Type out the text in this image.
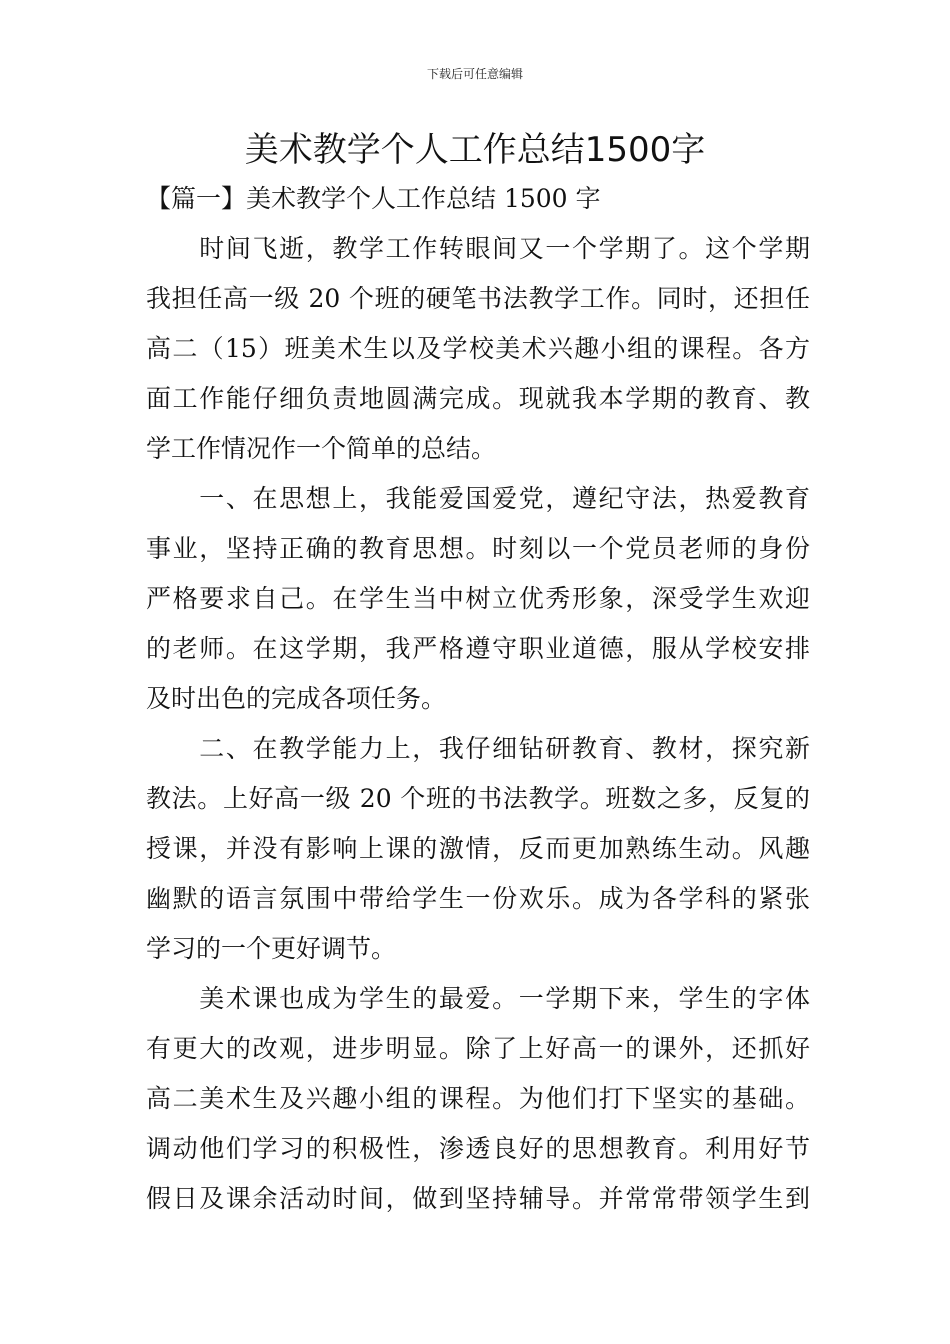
下载后可任意编辑
美术教学个人工作总结1500字
【篇一】美术教学个人工作总结 1500 字
　　时间飞逝，教学工作转眼间又一个学期了。这个学期
我担任高一级 20 个班的硬笔书法教学工作。同时，还担任
高二（15）班美术生以及学校美术兴趣小组的课程。各方
面工作能仔细负责地圆满完成。现就我本学期的教育、教
学工作情况作一个简单的总结。
　　一、在思想上，我能爱国爱党，遵纪守法，热爱教育
事业，坚持正确的教育思想。时刻以一个党员老师的身份
严格要求自己。在学生当中树立优秀形象，深受学生欢迎
的老师。在这学期，我严格遵守职业道德，服从学校安排
及时出色的完成各项任务。
　　二、在教学能力上，我仔细钻研教育、教材，探究新
教法。上好高一级 20 个班的书法教学。班数之多，反复的
授课，并没有影响上课的激情，反而更加熟练生动。风趣
幽默的语言氛围中带给学生一份欢乐。成为各学科的紧张
学习的一个更好调节。
　　美术课也成为学生的最爱。一学期下来，学生的字体
有更大的改观，进步明显。除了上好高一的课外，还抓好
高二美术生及兴趣小组的课程。为他们打下坚实的基础。
调动他们学习的积极性，渗透良好的思想教育。利用好节
假日及课余活动时间，做到坚持辅导。并常常带领学生到
